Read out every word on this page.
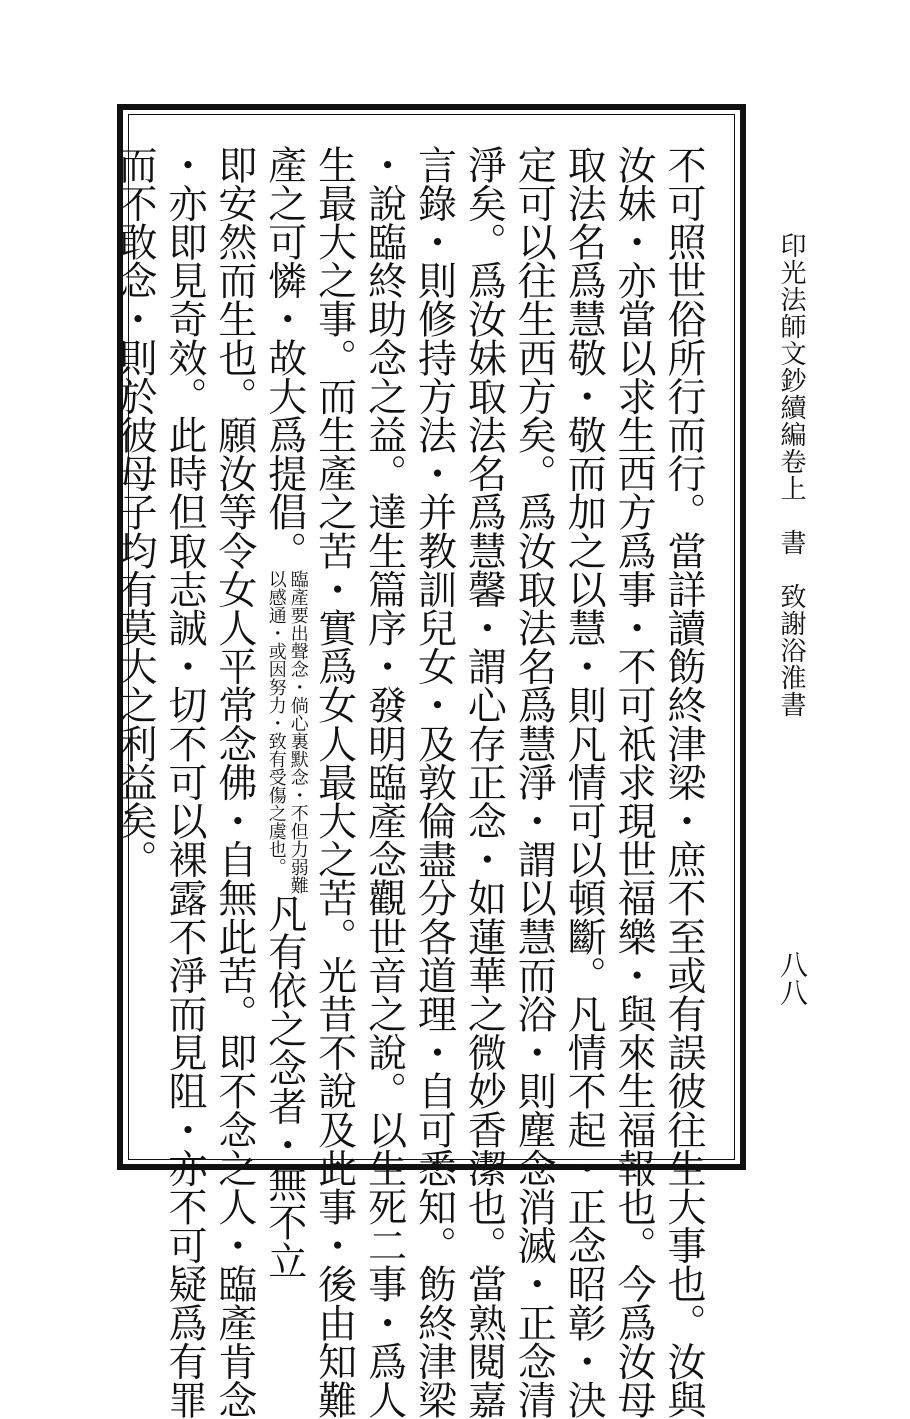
印光法師文鈔續編卷上　書　致謝浴淮書
八八
不可照世俗所行而行。當詳讀飭終津梁・庶不至或有誤彼往生大事也。汝與
汝妹・亦當以求生西方爲事・不可祇求現世福樂・與來生福報也。今爲汝母
取法名爲慧敬・敬而加之以慧・則凡情可以頓斷。凡情不起・正念昭彰・決
定可以往生西方矣。爲汝取法名爲慧淨・謂以慧而浴・則塵念消滅・正念清
淨矣。爲汝妹取法名爲慧馨・謂心存正念・如蓮華之微妙香潔也。當熟閱嘉
言錄・則修持方法・并教訓兒女・及敦倫盡分各道理・自可悉知。飭終津梁
・說臨終助念之益。達生篇序・發明臨產念觀世音之說。以生死二事・爲人
生最大之事。而生產之苦・實爲女人最大之苦。光昔不說及此事・後由知難
產之可憐・故大爲提倡。臨產要出聲念・倘心裏默念・不但力弱難
以感通・或因努力・致有受傷之虞也。凡有依之念者・無不立
即安然而生也。願汝等令女人平常念佛・自無此苦。即不念之人・臨產肯念
・亦即見奇效。此時但取志誠・切不可以裸露不淨而見阻・亦不可疑爲有罪
而不敢念・則於彼母子均有莫大之利益矣。
